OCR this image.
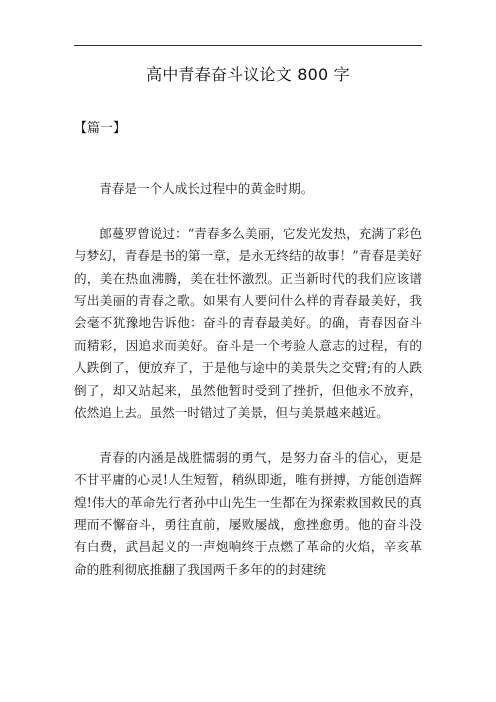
高中青春奋斗议论文 800 字
【篇一】

青春是一个人成长过程中的黄金时期。

郎蔓罗曾说过：“青春多么美丽，它发光发热，充满了彩色与梦幻，青春是书的第一章，是永无终结的故事！”青春是美好的，美在热血沸腾，美在壮怀激烈。正当新时代的我们应该谱写出美丽的青春之歌。如果有人要问什么样的青春最美好，我会毫不犹豫地告诉他：奋斗的青春最美好。的确，青春因奋斗而精彩，因追求而美好。奋斗是一个考验人意志的过程，有的人跌倒了，便放弃了，于是他与途中的美景失之交臂;有的人跌倒了，却又站起来，虽然他暂时受到了挫折，但他永不放弃，依然追上去。虽然一时错过了美景，但与美景越来越近。

青春的内涵是战胜懦弱的勇气，是努力奋斗的信心，更是不甘平庸的心灵!人生短暂，稍纵即逝，唯有拼搏，方能创造辉煌!伟大的革命先行者孙中山先生一生都在为探索救国救民的真理而不懈奋斗，勇往直前，屡败屡战，愈挫愈勇。他的奋斗没有白费，武昌起义的一声炮响终于点燃了革命的火焰，辛亥革命的胜利彻底推翻了我国两千多年的的封建统
